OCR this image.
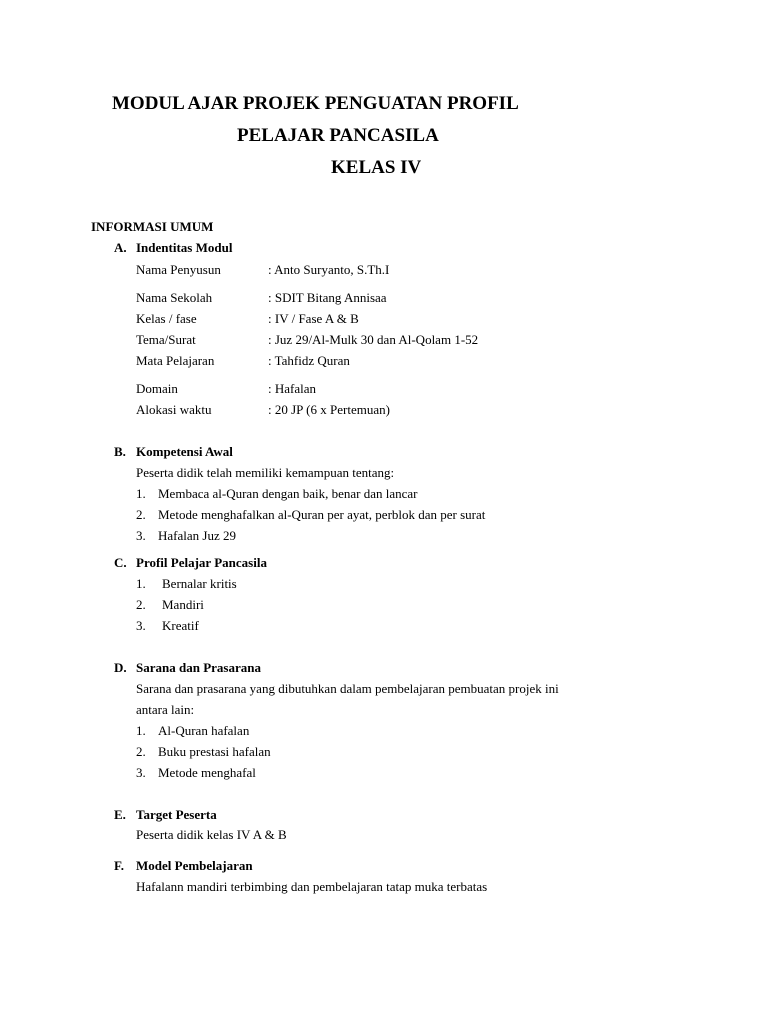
MODUL AJAR PROJEK PENGUATAN PROFIL
PELAJAR PANCASILA
KELAS IV
INFORMASI UMUM
A. Indentitas Modul
Nama Penyusun	: Anto Suryanto, S.Th.I
Nama Sekolah	: SDIT Bitang Annisaa
Kelas / fase	: IV / Fase A & B
Tema/Surat	: Juz 29/Al-Mulk 30 dan Al-Qolam 1-52
Mata Pelajaran	: Tahfidz Quran
Domain	: Hafalan
Alokasi waktu	: 20 JP (6 x Pertemuan)
B. Kompetensi Awal
Peserta didik telah memiliki kemampuan tentang:
1. Membaca al-Quran dengan baik, benar dan lancar
2. Metode menghafalkan al-Quran per ayat, perblok dan per surat
3. Hafalan Juz 29
C. Profil Pelajar Pancasila
1. Bernalar kritis
2. Mandiri
3. Kreatif
D. Sarana dan Prasarana
Sarana dan prasarana yang dibutuhkan dalam pembelajaran pembuatan projek ini
antara lain:
1. Al-Quran hafalan
2. Buku prestasi hafalan
3. Metode menghafal
E. Target Peserta
Peserta didik kelas IV A & B
F. Model Pembelajaran
Hafalann mandiri terbimbing dan pembelajaran tatap muka terbatas
